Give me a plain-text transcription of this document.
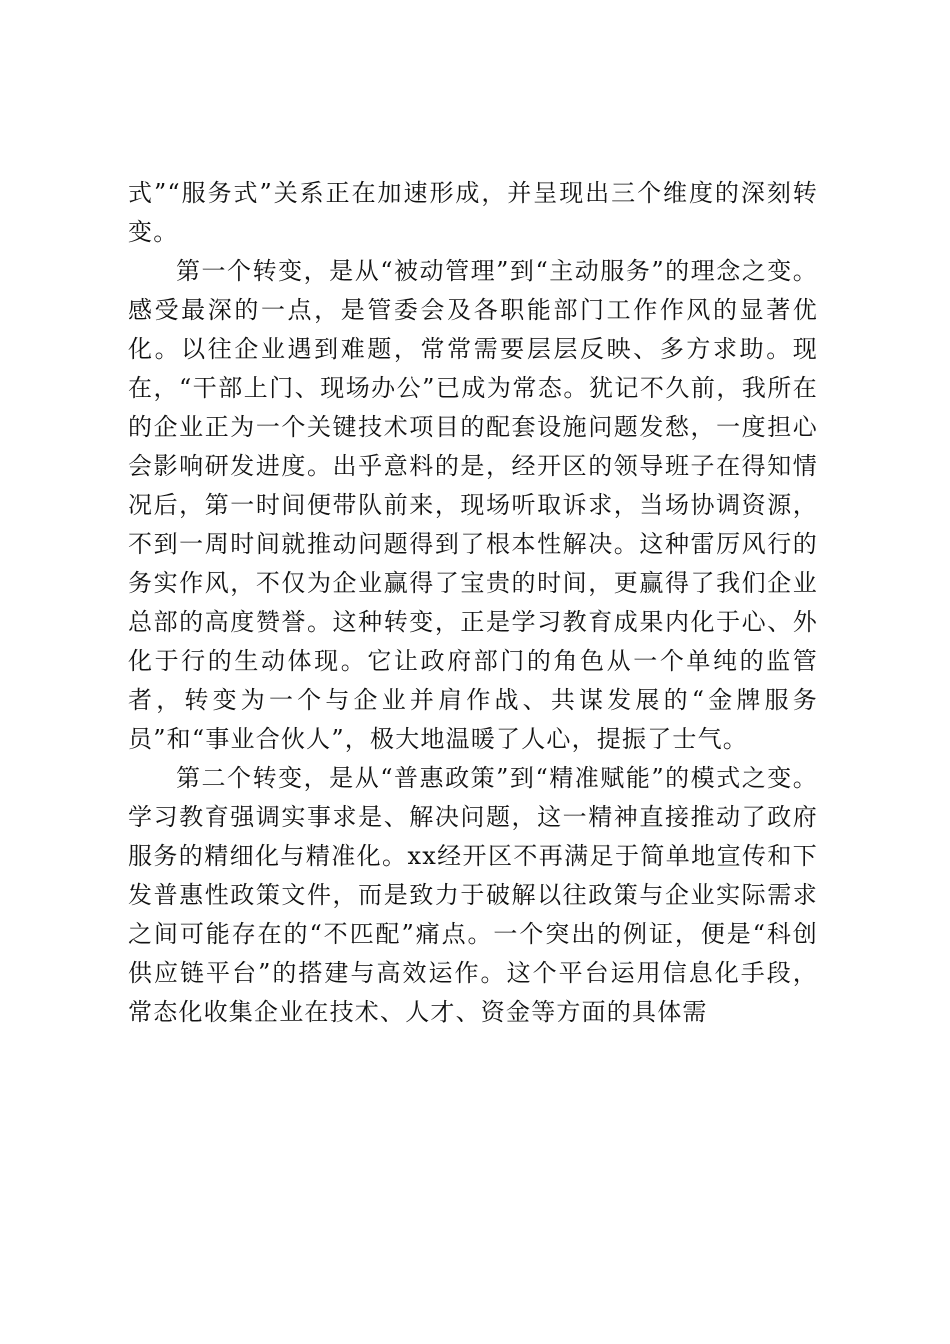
式”“服务式”关系正在加速形成，并呈现出三个维度的深刻转变。

第一个转变，是从“被动管理”到“主动服务”的理念之变。感受最深的一点，是管委会及各职能部门工作作风的显著优化。以往企业遇到难题，常常需要层层反映、多方求助。现在，“干部上门、现场办公”已成为常态。犹记不久前，我所在的企业正为一个关键技术项目的配套设施问题发愁，一度担心会影响研发进度。出乎意料的是，经开区的领导班子在得知情况后，第一时间便带队前来，现场听取诉求，当场协调资源，不到一周时间就推动问题得到了根本性解决。这种雷厉风行的务实作风，不仅为企业赢得了宝贵的时间，更赢得了我们企业总部的高度赞誉。这种转变，正是学习教育成果内化于心、外化于行的生动体现。它让政府部门的角色从一个单纯的监管者，转变为一个与企业并肩作战、共谋发展的“金牌服务员”和“事业合伙人”，极大地温暖了人心，提振了士气。

第二个转变，是从“普惠政策”到“精准赋能”的模式之变。学习教育强调实事求是、解决问题，这一精神直接推动了政府服务的精细化与精准化。xx经开区不再满足于简单地宣传和下发普惠性政策文件，而是致力于破解以往政策与企业实际需求之间可能存在的“不匹配”痛点。一个突出的例证，便是“科创供应链平台”的搭建与高效运作。这个平台运用信息化手段，常态化收集企业在技术、人才、资金等方面的具体需
